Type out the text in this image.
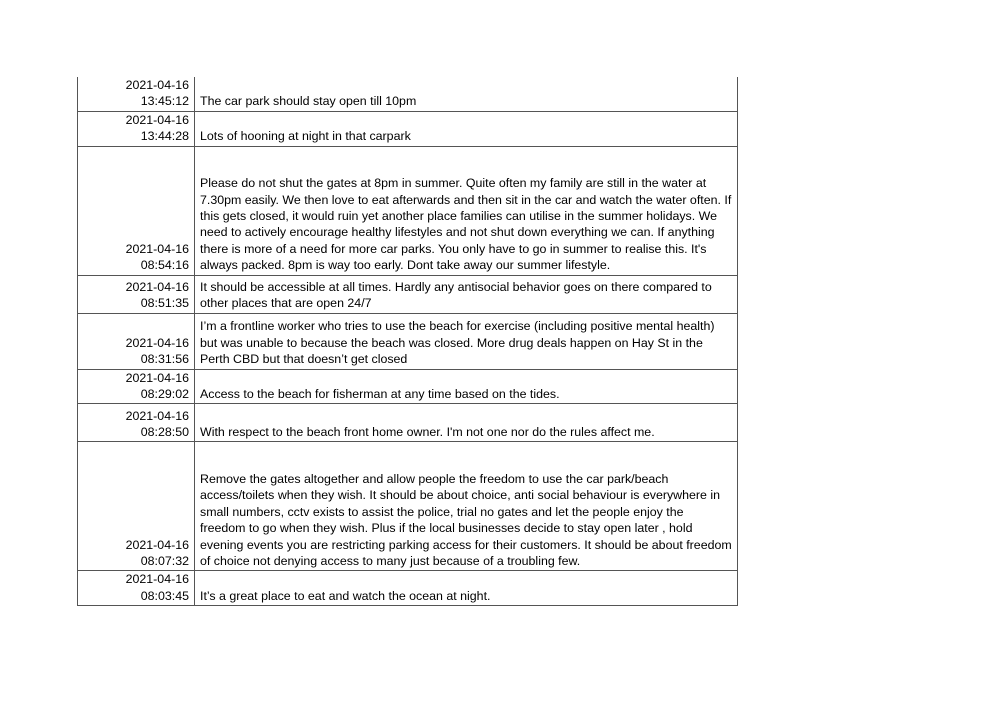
2021-04-16
13:45:12	The car park should stay open till 10pm

2021-04-16
13:44:28	Lots of hooning at night in that carpark

2021-04-16
08:54:16	Please do not shut the gates at 8pm in summer. Quite often my family are still in the water at 7.30pm easily. We then love to eat afterwards and then sit in the car and watch the water often. If this gets closed, it would ruin yet another place families can utilise in the summer holidays. We need to actively encourage healthy lifestyles and not shut down everything we can. If anything there is more of a need for more car parks. You only have to go in summer to realise this. It's always packed. 8pm is way too early. Dont take away our summer lifestyle.

2021-04-16
08:51:35	It should be accessible at all times. Hardly any antisocial behavior goes on there compared to other places that are open 24/7

2021-04-16
08:31:56	I’m a frontline worker who tries to use the beach for exercise (including positive mental health) but was unable to because the beach was closed. More drug deals happen on Hay St in the Perth CBD but that doesn’t get closed

2021-04-16
08:29:02	Access to the beach for fisherman at any time based on the tides.

2021-04-16
08:28:50	With respect to the beach front home owner. I'm not one nor do the rules affect me.

2021-04-16
08:07:32	Remove the gates altogether and allow people the freedom to use the car park/beach access/toilets when they wish. It should be about choice, anti social behaviour is everywhere in small numbers, cctv exists to assist the police, trial no gates and let the people enjoy the freedom to go when they wish. Plus if the local businesses decide to stay open later , hold evening events you are restricting parking access for their customers. It should be about freedom of choice not denying access to many just because of a troubling few.

2021-04-16
08:03:45	It’s a great place to eat and watch the ocean at night.
